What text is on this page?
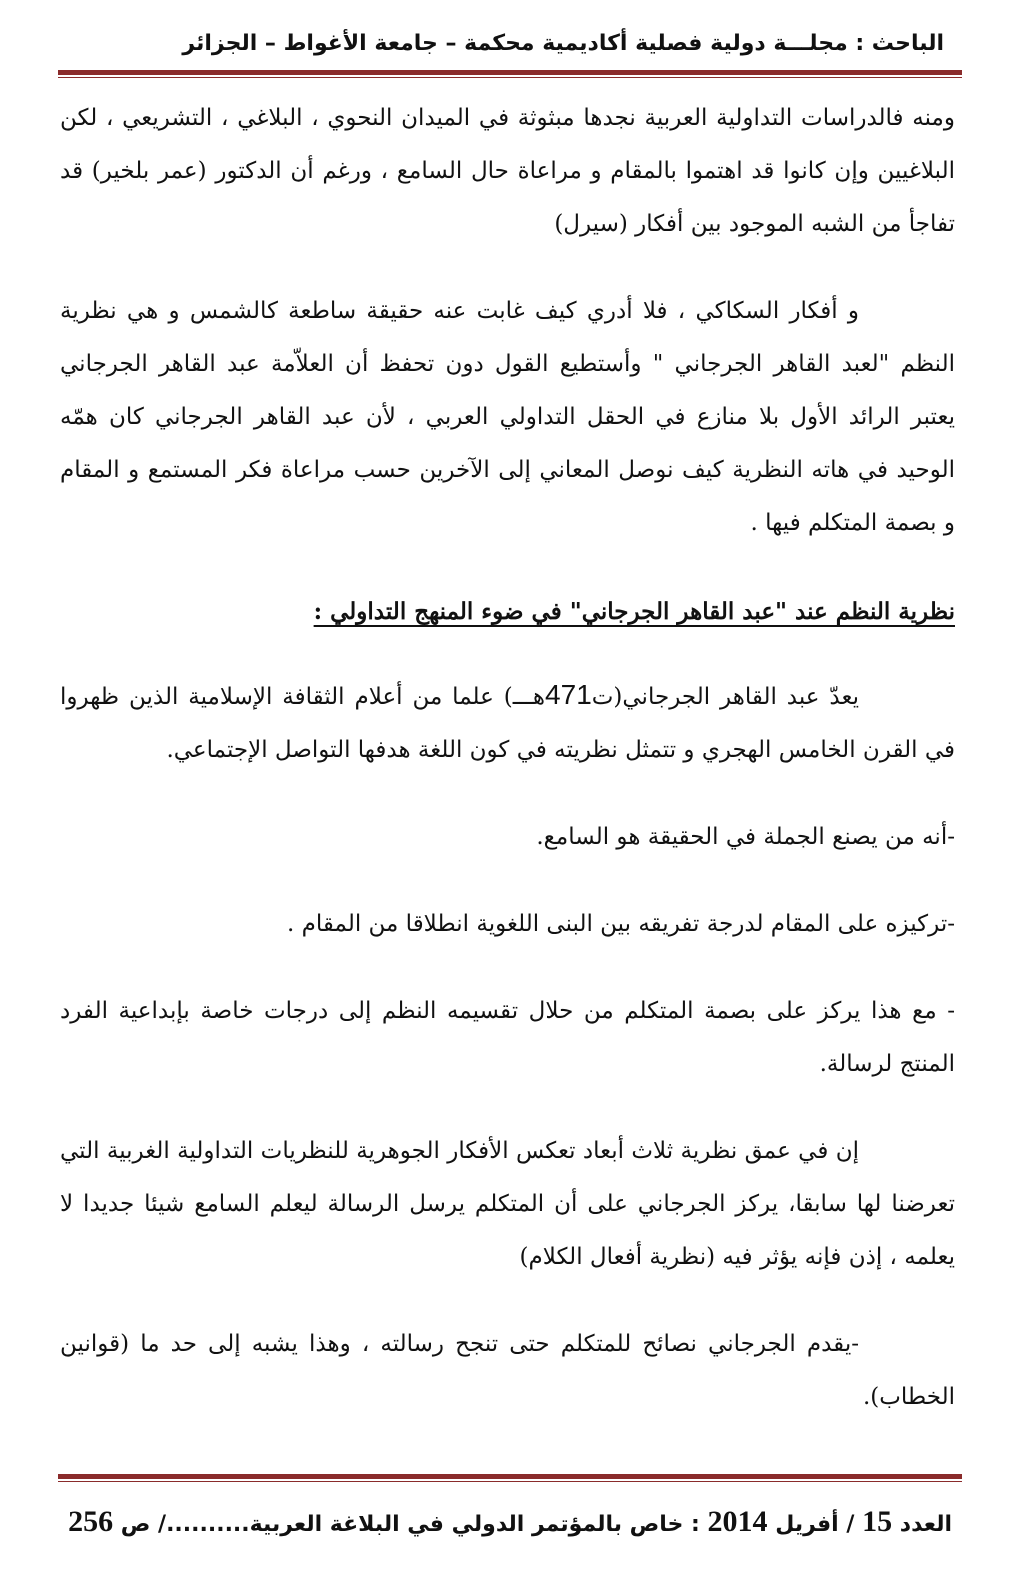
الباحث : مجلـــة دولية فصلية أكاديمية محكمة – جامعة الأغواط – الجزائر

ومنه فالدراسات التداولية العربية نجدها مبثوثة في الميدان النحوي ، البلاغي ، التشريعي ، لكن البلاغيين وإن كانوا قد اهتموا بالمقام و مراعاة حال السامع ، ورغم أن الدكتور (عمر بلخير) قد تفاجأ من الشبه الموجود بين أفكار (سيرل)

و أفكار السكاكي ، فلا أدري كيف غابت عنه حقيقة ساطعة كالشمس و هي نظرية النظم "لعبد القاهر الجرجاني " وأستطيع القول دون تحفظ أن العلاّمة عبد القاهر الجرجاني يعتبر الرائد الأول بلا منازع في الحقل التداولي العربي ، لأن عبد القاهر الجرجاني كان همّه الوحيد في هاته النظرية كيف نوصل المعاني إلى الآخرين حسب مراعاة فكر المستمع و المقام و بصمة المتكلم فيها .

نظرية النظم عند "عبد القاهر الجرجاني" في ضوء المنهج التداولي :

يعدّ عبد القاهر الجرجاني(ت471هـــ) علما من أعلام الثقافة الإسلامية الذين ظهروا في القرن الخامس الهجري و تتمثل نظريته في كون اللغة هدفها التواصل الإجتماعي.

-أنه من يصنع الجملة في الحقيقة هو السامع.

-تركيزه على المقام لدرجة تفريقه بين البنى اللغوية انطلاقا من المقام .

- مع هذا يركز على بصمة المتكلم من حلال تقسيمه النظم إلى درجات خاصة بإبداعية الفرد المنتج لرسالة.

إن في عمق نظرية ثلاث أبعاد تعكس الأفكار الجوهرية للنظريات التداولية الغربية التي تعرضنا لها سابقا، يركز الجرجاني على أن المتكلم يرسل الرسالة ليعلم السامع شيئا جديدا لا يعلمه ، إذن فإنه يؤثر فيه (نظرية أفعال الكلام)

-يقدم الجرجاني نصائح للمتكلم حتى تنجح رسالته ، وهذا يشبه إلى حد ما (قوانين الخطاب).

العدد 15 / أفريل 2014 : خاص بالمؤتمر الدولي في البلاغة العربية........../ ص 256
